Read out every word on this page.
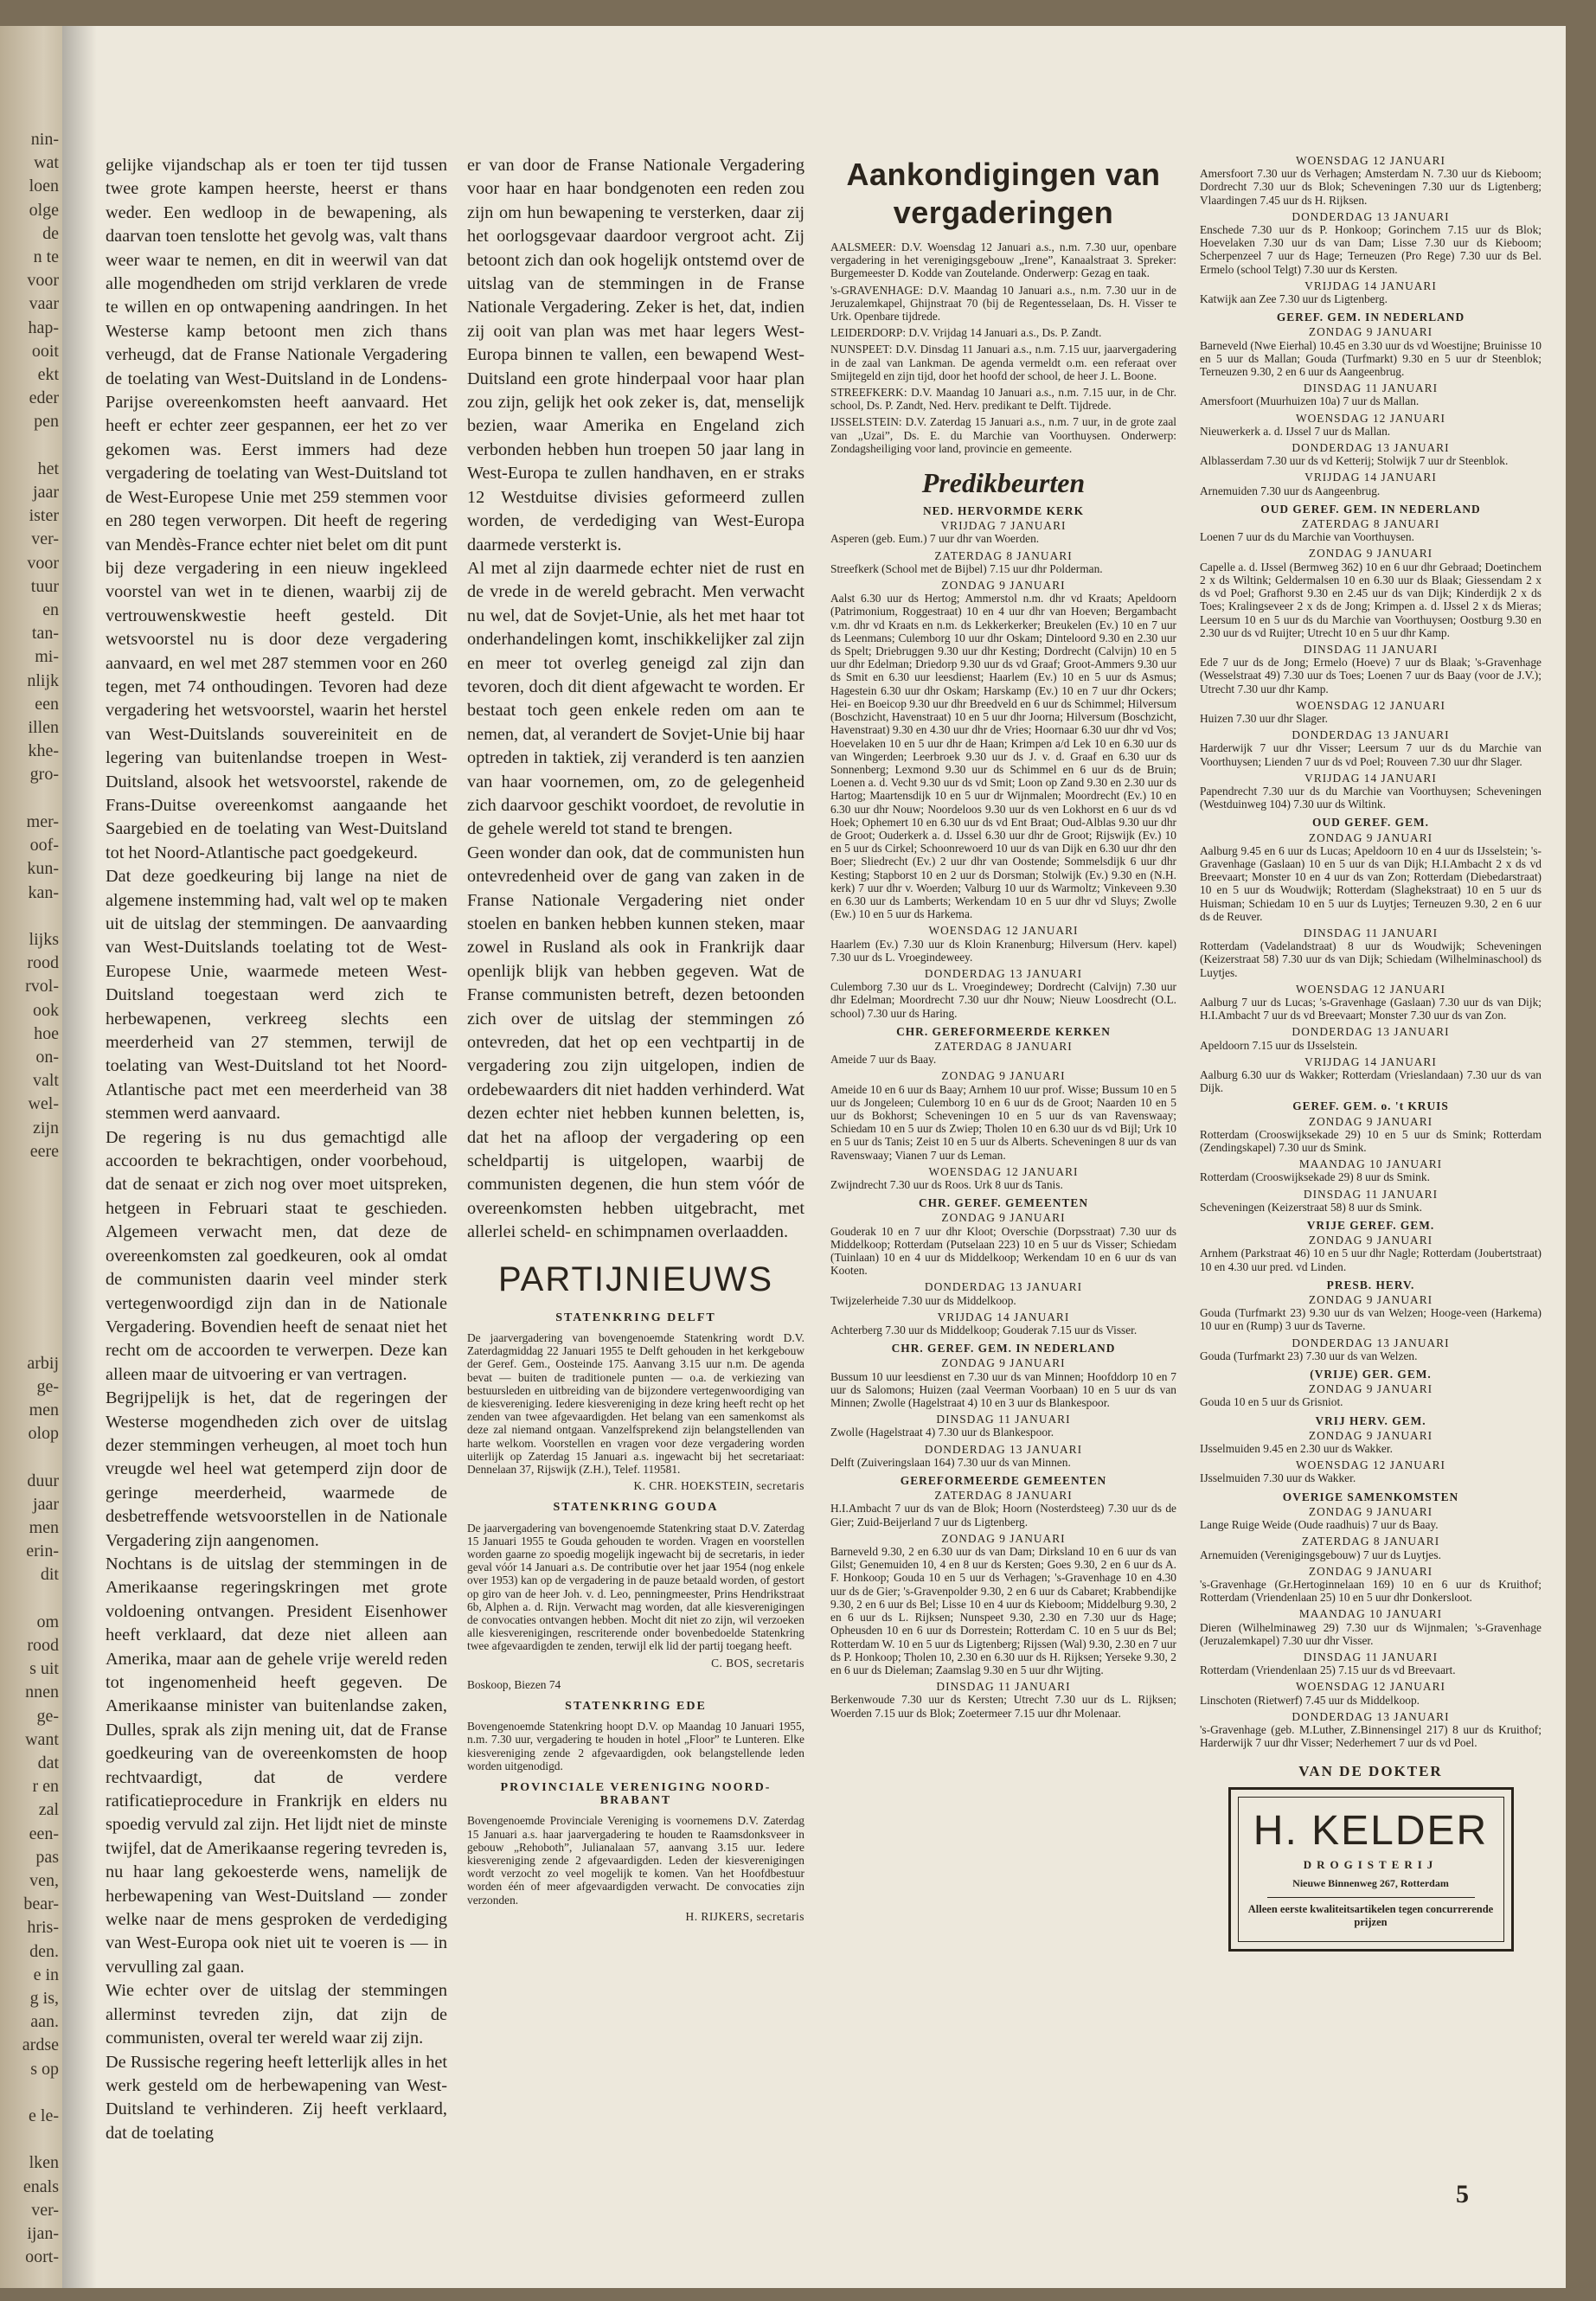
nin-
wat
loen
olge
de
n te
voor
vaar
hap-
ooit
ekt
eder
pen

het
jaar
ister
ver-
voor
tuur
en
tan-
mi-
nlijk
een
illen
khe-
gro-

mer-
oof-
kun-
kan-

lijks
rood
rvol-
ook
hoe
on-
valt
wel-
zijn
eere

arbij
ge-
men
olop

duur
jaar
men
erin-
dit

om
rood
s uit
nnen
ge-
want
dat
r en
zal
een-
pas
ven,
bear-
hris-
den.
e in
g is,
aan.
ardse
s op

e le-

lken
enals
ver-
ijan-
oort-

gelijke vijandschap als er toen ter tijd tussen twee grote kampen heerste, heerst er thans weder. Een wedloop in de bewapening, als daarvan toen tenslotte het gevolg was, valt thans weer waar te nemen, en dit in weerwil van dat alle mogendheden om strijd verklaren de vrede te willen en op ontwapening aandringen. In het Westerse kamp betoont men zich thans verheugd, dat de Franse Nationale Vergadering de toelating van West-Duitsland in de Londens-Parijse overeenkomsten heeft aanvaard. Het heeft er echter zeer gespannen, eer het zo ver gekomen was. Eerst immers had deze vergadering de toelating van West-Duitsland tot de West-Europese Unie met 259 stemmen voor en 280 tegen verworpen. Dit heeft de regering van Mendès-France echter niet belet om dit punt bij deze vergadering in een nieuw ingekleed voorstel van wet in te dienen, waarbij zij de vertrouwenskwestie heeft gesteld. Dit wetsvoorstel nu is door deze vergadering aanvaard, en wel met 287 stemmen voor en 260 tegen, met 74 onthoudingen. Tevoren had deze vergadering het wetsvoorstel, waarin het herstel van West-Duitslands souvereiniteit en de legering van buitenlandse troepen in West-Duitsland, alsook het wetsvoorstel, rakende de Frans-Duitse overeenkomst aangaande het Saargebied en de toelating van West-Duitsland tot het Noord-Atlantische pact goedgekeurd.

Dat deze goedkeuring bij lange na niet de algemene instemming had, valt wel op te maken uit de uitslag der stemmingen. De aanvaarding van West-Duitslands toelating tot de West-Europese Unie, waarmede meteen West-Duitsland toegestaan werd zich te herbewapenen, verkreeg slechts een meerderheid van 27 stemmen, terwijl de toelating van West-Duitsland tot het Noord-Atlantische pact met een meerderheid van 38 stemmen werd aanvaard.

De regering is nu dus gemachtigd alle accoorden te bekrachtigen, onder voorbehoud, dat de senaat er zich nog over moet uitspreken, hetgeen in Februari staat te geschieden. Algemeen verwacht men, dat deze de overeenkomsten zal goedkeuren, ook al omdat de communisten daarin veel minder sterk vertegenwoordigd zijn dan in de Nationale Vergadering. Bovendien heeft de senaat niet het recht om de accoorden te verwerpen. Deze kan alleen maar de uitvoering er van vertragen.

Begrijpelijk is het, dat de regeringen der Westerse mogendheden zich over de uitslag dezer stemmingen verheugen, al moet toch hun vreugde wel heel wat getemperd zijn door de geringe meerderheid, waarmede de desbetreffende wetsvoorstellen in de Nationale Vergadering zijn aangenomen.

Nochtans is de uitslag der stemmingen in de Amerikaanse regeringskringen met grote voldoening ontvangen. President Eisenhower heeft verklaard, dat deze niet alleen aan Amerika, maar aan de gehele vrije wereld reden tot ingenomenheid heeft gegeven. De Amerikaanse minister van buitenlandse zaken, Dulles, sprak als zijn mening uit, dat de Franse goedkeuring van de overeenkomsten de hoop rechtvaardigt, dat de verdere ratificatieprocedure in Frankrijk en elders nu spoedig vervuld zal zijn. Het lijdt niet de minste twijfel, dat de Amerikaanse regering tevreden is, nu haar lang gekoesterde wens, namelijk de herbewapening van West-Duitsland — zonder welke naar de mens gesproken de verdediging van West-Europa ook niet uit te voeren is — in vervulling zal gaan.

Wie echter over de uitslag der stemmingen allerminst tevreden zijn, dat zijn de communisten, overal ter wereld waar zij zijn.

De Russische regering heeft letterlijk alles in het werk gesteld om de herbewapening van West-Duitsland te verhinderen. Zij heeft verklaard, dat de toelating

er van door de Franse Nationale Vergadering voor haar en haar bondgenoten een reden zou zijn om hun bewapening te versterken, daar zij het oorlogsgevaar daardoor vergroot acht. Zij betoont zich dan ook hogelijk ontstemd over de uitslag van de stemmingen in de Franse Nationale Vergadering. Zeker is het, dat, indien zij ooit van plan was met haar legers West-Europa binnen te vallen, een bewapend West-Duitsland een grote hinderpaal voor haar plan zou zijn, gelijk het ook zeker is, dat, menselijk bezien, waar Amerika en Engeland zich verbonden hebben hun troepen 50 jaar lang in West-Europa te zullen handhaven, en er straks 12 Westduitse divisies geformeerd zullen worden, de verdediging van West-Europa daarmede versterkt is.

Al met al zijn daarmede echter niet de rust en de vrede in de wereld gebracht. Men verwacht nu wel, dat de Sovjet-Unie, als het met haar tot onderhandelingen komt, inschikkelijker zal zijn en meer tot overleg geneigd zal zijn dan tevoren, doch dit dient afgewacht te worden. Er bestaat toch geen enkele reden om aan te nemen, dat, al verandert de Sovjet-Unie bij haar optreden in taktiek, zij veranderd is ten aanzien van haar voornemen, om, zo de gelegenheid zich daarvoor geschikt voordoet, de revolutie in de gehele wereld tot stand te brengen.

Geen wonder dan ook, dat de communisten hun ontevredenheid over de gang van zaken in de Franse Nationale Vergadering niet onder stoelen en banken hebben kunnen steken, maar zowel in Rusland als ook in Frankrijk daar openlijk blijk van hebben gegeven. Wat de Franse communisten betreft, dezen betoonden zich over de uitslag der stemmingen zó ontevreden, dat het op een vechtpartij in de vergadering zou zijn uitgelopen, indien de ordebewaarders dit niet hadden verhinderd. Wat dezen echter niet hebben kunnen beletten, is, dat het na afloop der vergadering op een scheldpartij is uitgelopen, waarbij de communisten degenen, die hun stem vóór de overeenkomsten hebben uitgebracht, met allerlei scheld- en schimpnamen overlaadden.

PARTIJNIEUWS
STATENKRING DELFT

De jaarvergadering van bovengenoemde Statenkring wordt D.V. Zaterdagmiddag 22 Januari 1955 te Delft gehouden in het kerkgebouw der Geref. Gem., Oosteinde 175. Aanvang 3.15 uur n.m. De agenda bevat — buiten de traditionele punten — o.a. de verkiezing van bestuursleden en uitbreiding van de bijzondere vertegenwoordiging van de kiesvereniging. Iedere kiesvereniging in deze kring heeft recht op het zenden van twee afgevaardigden. Het belang van een samenkomst als deze zal niemand ontgaan. Vanzelfsprekend zijn belangstellenden van harte welkom. Voorstellen en vragen voor deze vergadering worden uiterlijk op Zaterdag 15 Januari a.s. ingewacht bij het secretariaat: Dennelaan 37, Rijswijk (Z.H.), Telef. 119581.

K. CHR. HOEKSTEIN, secretaris

STATENKRING GOUDA

De jaarvergadering van bovengenoemde Statenkring staat D.V. Zaterdag 15 Januari 1955 te Gouda gehouden te worden. Vragen en voorstellen worden gaarne zo spoedig mogelijk ingewacht bij de secretaris, in ieder geval vóór 14 Januari a.s. De contributie over het jaar 1954 (nog enkele over 1953) kan op de vergadering in de pauze betaald worden, of gestort op giro van de heer Joh. v. d. Leo, penningmeester, Prins Hendrikstraat 6b, Alphen a. d. Rijn. Verwacht mag worden, dat alle kiesverenigingen de convocaties ontvangen hebben. Mocht dit niet zo zijn, wil verzoeken alle kiesverenigingen, rescriterende onder bovenbedoelde Statenkring twee afgevaardigden te zenden, terwijl elk lid der partij toegang heeft.

C. BOS, secretaris

Boskoop, Biezen 74

STATENKRING EDE

Bovengenoemde Statenkring hoopt D.V. op Maandag 10 Januari 1955, n.m. 7.30 uur, vergadering te houden in hotel „Floor” te Lunteren. Elke kiesvereniging zende 2 afgevaardigden, ook belangstellende leden worden uitgenodigd.

PROVINCIALE VERENIGING NOORD-BRABANT

Bovengenoemde Provinciale Vereniging is voornemens D.V. Zaterdag 15 Januari a.s. haar jaarvergadering te houden te Raamsdonksveer in gebouw „Rehoboth”, Julianalaan 57, aanvang 3.15 uur. Iedere kiesvereniging zende 2 afgevaardigden. Leden der kiesverenigingen wordt verzocht zo veel mogelijk te komen. Van het Hoofdbestuur worden één of meer afgevaardigden verwacht. De convocaties zijn verzonden.

H. RIJKERS, secretaris

Aankondigingen van vergaderingen

AALSMEER: D.V. Woensdag 12 Januari a.s., n.m. 7.30 uur, openbare vergadering in het verenigingsgebouw „Irene”, Kanaalstraat 3. Spreker: Burgemeester D. Kodde van Zoutelande. Onderwerp: Gezag en taak.

's-GRAVENHAGE: D.V. Maandag 10 Januari a.s., n.m. 7.30 uur in de Jeruzalemkapel, Ghijnstraat 70 (bij de Regentesselaan, Ds. H. Visser te Urk. Openbare tijdrede.

LEIDERDORP: D.V. Vrijdag 14 Januari a.s., Ds. P. Zandt.

NUNSPEET: D.V. Dinsdag 11 Januari a.s., n.m. 7.15 uur, jaarvergadering in de zaal van Lankman. De agenda vermeldt o.m. een referaat over Smijtegeld en zijn tijd, door het hoofd der school, de heer J. L. Boone.

STREEFKERK: D.V. Maandag 10 Januari a.s., n.m. 7.15 uur, in de Chr. school, Ds. P. Zandt, Ned. Herv. predikant te Delft. Tijdrede.

IJSSELSTEIN: D.V. Zaterdag 15 Januari a.s., n.m. 7 uur, in de grote zaal van „Uzai”, Ds. E. du Marchie van Voorthuysen. Onderwerp: Zondagsheiliging voor land, provincie en gemeente.

Predikbeurten
NED. HERVORMDE KERK
VRIJDAG 7 JANUARI

Asperen (geb. Eum.) 7 uur dhr van Woerden.

ZATERDAG 8 JANUARI

Streefkerk (School met de Bijbel) 7.15 uur dhr Polderman.

ZONDAG 9 JANUARI

Aalst 6.30 uur ds Hertog; Ammerstol n.m. dhr vd Kraats; Apeldoorn (Patrimonium, Roggestraat) 10 en 4 uur dhr van Hoeven; Bergambacht v.m. dhr vd Kraats en n.m. ds Lekkerkerker; Breukelen (Ev.) 10 en 7 uur ds Leenmans; Culemborg 10 uur dhr Oskam; Dinteloord 9.30 en 2.30 uur ds Spelt; Driebruggen 9.30 uur dhr Kesting; Dordrecht (Calvijn) 10 en 5 uur dhr Edelman; Driedorp 9.30 uur ds vd Graaf; Groot-Ammers 9.30 uur ds Smit en 6.30 uur leesdienst; Haarlem (Ev.) 10 en 5 uur ds Asmus; Hagestein 6.30 uur dhr Oskam; Harskamp (Ev.) 10 en 7 uur dhr Ockers; Hei- en Boeicop 9.30 uur dhr Breedveld en 6 uur ds Schimmel; Hilversum (Boschzicht, Havenstraat) 10 en 5 uur dhr Joorna; Hilversum (Boschzicht, Havenstraat) 9.30 en 4.30 uur dhr de Vries; Hoornaar 6.30 uur dhr vd Vos; Hoevelaken 10 en 5 uur dhr de Haan; Krimpen a/d Lek 10 en 6.30 uur ds van Wingerden; Leerbroek 9.30 uur ds J. v. d. Graaf en 6.30 uur ds Sonnenberg; Lexmond 9.30 uur ds Schimmel en 6 uur ds de Bruin; Loenen a. d. Vecht 9.30 uur ds vd Smit; Loon op Zand 9.30 en 2.30 uur ds Hartog; Maartensdijk 10 en 5 uur dr Wijnmalen; Moordrecht (Ev.) 10 en 6.30 uur dhr Nouw; Noordeloos 9.30 uur ds ven Lokhorst en 6 uur ds vd Hoek; Ophemert 10 en 6.30 uur ds vd Ent Braat; Oud-Alblas 9.30 uur dhr de Groot; Ouderkerk a. d. IJssel 6.30 uur dhr de Groot; Rijswijk (Ev.) 10 en 5 uur ds Cirkel; Schoonrewoerd 10 uur ds van Dijk en 6.30 uur dhr den Boer; Sliedrecht (Ev.) 2 uur dhr van Oostende; Sommelsdijk 6 uur dhr Kesting; Stapborst 10 en 2 uur ds Dorsman; Stolwijk (Ev.) 9.30 en (N.H. kerk) 7 uur dhr v. Woerden; Valburg 10 uur ds Warmoltz; Vinkeveen 9.30 en 6.30 uur ds Lamberts; Werkendam 10 en 5 uur dhr vd Sluys; Zwolle (Ew.) 10 en 5 uur ds Harkema.

WOENSDAG 12 JANUARI

Haarlem (Ev.) 7.30 uur ds Kloin Kranenburg; Hilversum (Herv. kapel) 7.30 uur ds L. Vroegindeweey.

DONDERDAG 13 JANUARI

Culemborg 7.30 uur ds L. Vroegindewey; Dordrecht (Calvijn) 7.30 uur dhr Edelman; Moordrecht 7.30 uur dhr Nouw; Nieuw Loosdrecht (O.L. school) 7.30 uur ds Haring.

CHR. GEREFORMEERDE KERKEN
ZATERDAG 8 JANUARI

Ameide 7 uur ds Baay.

ZONDAG 9 JANUARI

Ameide 10 en 6 uur ds Baay; Arnhem 10 uur prof. Wisse; Bussum 10 en 5 uur ds Jongeleen; Culemborg 10 en 6 uur ds de Groot; Naarden 10 en 5 uur ds Bokhorst; Scheveningen 10 en 5 uur ds van Ravenswaay; Schiedam 10 en 5 uur ds Zwiep; Tholen 10 en 6.30 uur ds vd Bijl; Urk 10 en 5 uur ds Tanis; Zeist 10 en 5 uur ds Alberts. Scheveningen 8 uur ds van Ravenswaay; Vianen 7 uur ds Leman.

WOENSDAG 12 JANUARI

Zwijndrecht 7.30 uur ds Roos. Urk 8 uur ds Tanis.

CHR. GEREF. GEMEENTEN
ZONDAG 9 JANUARI

Gouderak 10 en 7 uur dhr Kloot; Overschie (Dorpsstraat) 7.30 uur ds Middelkoop; Rotterdam (Putselaan 223) 10 en 5 uur ds Visser; Schiedam (Tuinlaan) 10 en 4 uur ds Middelkoop; Werkendam 10 en 6 uur ds van Kooten.

DONDERDAG 13 JANUARI

Twijzelerheide 7.30 uur ds Middelkoop.

VRIJDAG 14 JANUARI

Achterberg 7.30 uur ds Middelkoop; Gouderak 7.15 uur ds Visser.

CHR. GEREF. GEM. IN NEDERLAND
ZONDAG 9 JANUARI

Bussum 10 uur leesdienst en 7.30 uur ds van Minnen; Hoofddorp 10 en 7 uur ds Salomons; Huizen (zaal Veerman Voorbaan) 10 en 5 uur ds van Minnen; Zwolle (Hagelstraat 4) 10 en 3 uur ds Blankespoor.

DINSDAG 11 JANUARI

Zwolle (Hagelstraat 4) 7.30 uur ds Blankespoor.

DONDERDAG 13 JANUARI

Delft (Zuiveringslaan 164) 7.30 uur ds van Minnen.

GEREFORMEERDE GEMEENTEN
ZATERDAG 8 JANUARI

H.I.Ambacht 7 uur ds van de Blok; Hoorn (Nosterdsteeg) 7.30 uur ds de Gier; Zuid-Beijerland 7 uur ds Ligtenberg.

ZONDAG 9 JANUARI

Barneveld 9.30, 2 en 6.30 uur ds van Dam; Dirksland 10 en 6 uur ds van Gilst; Genemuiden 10, 4 en 8 uur ds Kersten; Goes 9.30, 2 en 6 uur ds A. F. Honkoop; Gouda 10 en 5 uur ds Verhagen; 's-Gravenhage 10 en 4.30 uur ds de Gier; 's-Gravenpolder 9.30, 2 en 6 uur ds Cabaret; Krabbendijke 9.30, 2 en 6 uur ds Bel; Lisse 10 en 4 uur ds Kieboom; Middelburg 9.30, 2 en 6 uur ds L. Rijksen; Nunspeet 9.30, 2.30 en 7.30 uur ds Hage; Opheusden 10 en 6 uur ds Dorrestein; Rotterdam C. 10 en 5 uur ds Bel; Rotterdam W. 10 en 5 uur ds Ligtenberg; Rijssen (Wal) 9.30, 2.30 en 7 uur ds P. Honkoop; Tholen 10, 2.30 en 6.30 uur ds H. Rijksen; Yerseke 9.30, 2 en 6 uur ds Dieleman; Zaamslag 9.30 en 5 uur dhr Wijting.

DINSDAG 11 JANUARI

Berkenwoude 7.30 uur ds Kersten; Utrecht 7.30 uur ds L. Rijksen; Woerden 7.15 uur ds Blok; Zoetermeer 7.15 uur dhr Molenaar.

WOENSDAG 12 JANUARI

Amersfoort 7.30 uur ds Verhagen; Amsterdam N. 7.30 uur ds Kieboom; Dordrecht 7.30 uur ds Blok; Scheveningen 7.30 uur ds Ligtenberg; Vlaardingen 7.45 uur ds H. Rijksen.

DONDERDAG 13 JANUARI

Enschede 7.30 uur ds P. Honkoop; Gorinchem 7.15 uur ds Blok; Hoevelaken 7.30 uur ds van Dam; Lisse 7.30 uur ds Kieboom; Scherpenzeel 7 uur ds Hage; Terneuzen (Pro Rege) 7.30 uur ds Bel. Ermelo (school Telgt) 7.30 uur ds Kersten.

VRIJDAG 14 JANUARI

Katwijk aan Zee 7.30 uur ds Ligtenberg.

GEREF. GEM. IN NEDERLAND
ZONDAG 9 JANUARI

Barneveld (Nwe Eierhal) 10.45 en 3.30 uur ds vd Woestijne; Bruinisse 10 en 5 uur ds Mallan; Gouda (Turfmarkt) 9.30 en 5 uur dr Steenblok; Terneuzen 9.30, 2 en 6 uur ds Aangeenbrug.

DINSDAG 11 JANUARI

Amersfoort (Muurhuizen 10a) 7 uur ds Mallan.

WOENSDAG 12 JANUARI

Nieuwerkerk a. d. IJssel 7 uur ds Mallan.

DONDERDAG 13 JANUARI

Alblasserdam 7.30 uur ds vd Ketterij; Stolwijk 7 uur dr Steenblok.

VRIJDAG 14 JANUARI

Arnemuiden 7.30 uur ds Aangeenbrug.

OUD GEREF. GEM. IN NEDERLAND
ZATERDAG 8 JANUARI

Loenen 7 uur ds du Marchie van Voorthuysen.

ZONDAG 9 JANUARI

Capelle a. d. IJssel (Bermweg 362) 10 en 6 uur dhr Gebraad; Doetinchem 2 x ds Wiltink; Geldermalsen 10 en 6.30 uur ds Blaak; Giessendam 2 x ds vd Poel; Grafhorst 9.30 en 2.45 uur ds van Dijk; Kinderdijk 2 x ds Toes; Kralingseveer 2 x ds de Jong; Krimpen a. d. IJssel 2 x ds Mieras; Leersum 10 en 5 uur ds du Marchie van Voorthuysen; Oostburg 9.30 en 2.30 uur ds vd Ruijter; Utrecht 10 en 5 uur dhr Kamp.

DINSDAG 11 JANUARI

Ede 7 uur ds de Jong; Ermelo (Hoeve) 7 uur ds Blaak; 's-Gravenhage (Wesselstraat 49) 7.30 uur ds Toes; Loenen 7 uur ds Baay (voor de J.V.); Utrecht 7.30 uur dhr Kamp.

WOENSDAG 12 JANUARI

Huizen 7.30 uur dhr Slager.

DONDERDAG 13 JANUARI

Harderwijk 7 uur dhr Visser; Leersum 7 uur ds du Marchie van Voorthuysen; Lienden 7 uur ds vd Poel; Rouveen 7.30 uur dhr Slager.

VRIJDAG 14 JANUARI

Papendrecht 7.30 uur ds du Marchie van Voorthuysen; Scheveningen (Westduinweg 104) 7.30 uur ds Wiltink.

OUD GEREF. GEM.
ZONDAG 9 JANUARI

Aalburg 9.45 en 6 uur ds Lucas; Apeldoorn 10 en 4 uur ds IJsselstein; 's-Gravenhage (Gaslaan) 10 en 5 uur ds van Dijk; H.I.Ambacht 2 x ds vd Breevaart; Monster 10 en 4 uur ds van Zon; Rotterdam (Diebedarstraat) 10 en 5 uur ds Woudwijk; Rotterdam (Slaghekstraat) 10 en 5 uur ds Huisman; Schiedam 10 en 5 uur ds Luytjes; Terneuzen 9.30, 2 en 6 uur ds de Reuver.

DINSDAG 11 JANUARI

Rotterdam (Vadelandstraat) 8 uur ds Woudwijk; Scheveningen (Keizerstraat 58) 7.30 uur ds van Dijk; Schiedam (Wilhelminaschool) ds Luytjes.

WOENSDAG 12 JANUARI

Aalburg 7 uur ds Lucas; 's-Gravenhage (Gaslaan) 7.30 uur ds van Dijk; H.I.Ambacht 7 uur ds vd Breevaart; Monster 7.30 uur ds van Zon.

DONDERDAG 13 JANUARI

Apeldoorn 7.15 uur ds IJsselstein.

VRIJDAG 14 JANUARI

Aalburg 6.30 uur ds Wakker; Rotterdam (Vrieslandaan) 7.30 uur ds van Dijk.

GEREF. GEM. o. 't KRUIS
ZONDAG 9 JANUARI

Rotterdam (Crooswijksekade 29) 10 en 5 uur ds Smink; Rotterdam (Zendingskapel) 7.30 uur ds Smink.

MAANDAG 10 JANUARI

Rotterdam (Crooswijksekade 29) 8 uur ds Smink.

DINSDAG 11 JANUARI

Scheveningen (Keizerstraat 58) 8 uur ds Smink.

VRIJE GEREF. GEM.
ZONDAG 9 JANUARI

Arnhem (Parkstraat 46) 10 en 5 uur dhr Nagle; Rotterdam (Joubertstraat) 10 en 4.30 uur pred. vd Linden.

PRESB. HERV.
ZONDAG 9 JANUARI

Gouda (Turfmarkt 23) 9.30 uur ds van Welzen; Hooge-veen (Harkema) 10 uur en (Rump) 3 uur ds Taverne.

DONDERDAG 13 JANUARI

Gouda (Turfmarkt 23) 7.30 uur ds van Welzen.

(VRIJE) GER. GEM.
ZONDAG 9 JANUARI

Gouda 10 en 5 uur ds Grisniot.

VRIJ HERV. GEM.
ZONDAG 9 JANUARI

IJsselmuiden 9.45 en 2.30 uur ds Wakker.

WOENSDAG 12 JANUARI

IJsselmuiden 7.30 uur ds Wakker.

OVERIGE SAMENKOMSTEN
ZONDAG 9 JANUARI

Lange Ruige Weide (Oude raadhuis) 7 uur ds Baay.

ZATERDAG 8 JANUARI

Arnemuiden (Verenigingsgebouw) 7 uur ds Luytjes.

ZONDAG 9 JANUARI

's-Gravenhage (Gr.Hertoginnelaan 169) 10 en 6 uur ds Kruithof; Rotterdam (Vriendenlaan 25) 10 en 5 uur dhr Donkersloot.

MAANDAG 10 JANUARI

Dieren (Wilhelminaweg 29) 7.30 uur ds Wijnmalen; 's-Gravenhage (Jeruzalemkapel) 7.30 uur dhr Visser.

DINSDAG 11 JANUARI

Rotterdam (Vriendenlaan 25) 7.15 uur ds vd Breevaart.

WOENSDAG 12 JANUARI

Linschoten (Rietwerf) 7.45 uur ds Middelkoop.

DONDERDAG 13 JANUARI

's-Gravenhage (geb. M.Luther, Z.Binnensingel 217) 8 uur ds Kruithof; Harderwijk 7 uur dhr Visser; Nederhemert 7 uur ds vd Poel.

VAN DE DOKTER
H. KELDER
DROGISTERIJ
Nieuwe Binnenweg 267, Rotterdam
Alleen eerste kwaliteitsartikelen tegen concurrerende prijzen
5
